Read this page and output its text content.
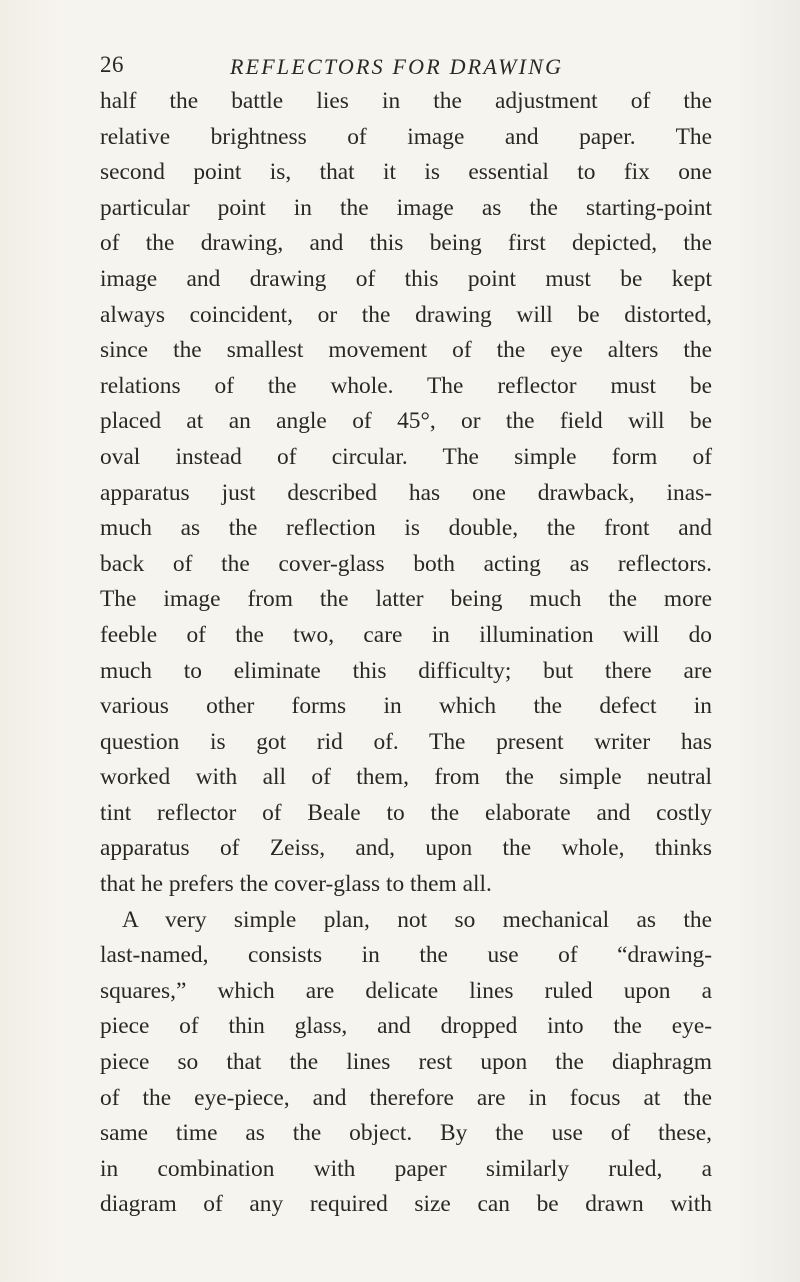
26	REFLECTORS FOR DRAWING
half the battle lies in the adjustment of the
relative brightness of image and paper. The
second point is, that it is essential to fix one
particular point in the image as the starting-point
of the drawing, and this being first depicted, the
image and drawing of this point must be kept
always coincident, or the drawing will be distorted,
since the smallest movement of the eye alters the
relations of the whole. The reflector must be
placed at an angle of 45°, or the field will be
oval instead of circular. The simple form of
apparatus just described has one drawback, inas-
much as the reflection is double, the front and
back of the cover-glass both acting as reflectors.
The image from the latter being much the more
feeble of the two, care in illumination will do
much to eliminate this difficulty; but there are
various other forms in which the defect in
question is got rid of. The present writer has
worked with all of them, from the simple neutral
tint reflector of Beale to the elaborate and costly
apparatus of Zeiss, and, upon the whole, thinks
that he prefers the cover-glass to them all.
A very simple plan, not so mechanical as the
last-named, consists in the use of “drawing-
squares,” which are delicate lines ruled upon a
piece of thin glass, and dropped into the eye-
piece so that the lines rest upon the diaphragm
of the eye-piece, and therefore are in focus at the
same time as the object. By the use of these,
in combination with paper similarly ruled, a
diagram of any required size can be drawn with
